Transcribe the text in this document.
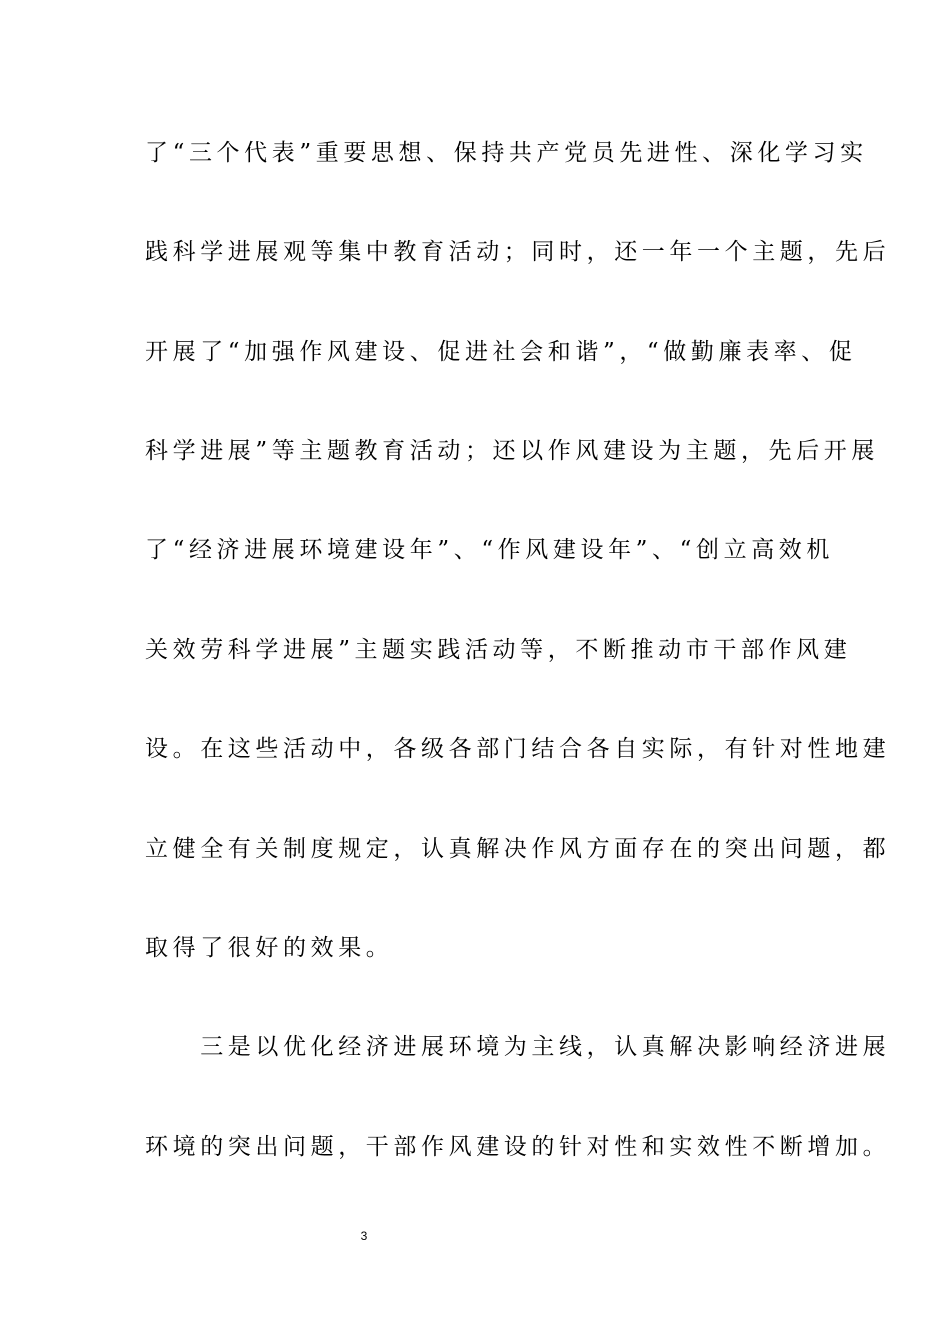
了“三个代表”重要思想、保持共产党员先进性、深化学习实
践科学进展观等集中教育活动；同时，还一年一个主题，先后
开展了“加强作风建设、促进社会和谐”，“做勤廉表率、促
科学进展”等主题教育活动；还以作风建设为主题，先后开展
了“经济进展环境建设年”、“作风建设年”、“创立高效机
关效劳科学进展”主题实践活动等，不断推动市干部作风建
设。在这些活动中，各级各部门结合各自实际，有针对性地建
立健全有关制度规定，认真解决作风方面存在的突出问题，都
取得了很好的效果。
　　三是以优化经济进展环境为主线，认真解决影响经济进展
环境的突出问题，干部作风建设的针对性和实效性不断增加。
3
